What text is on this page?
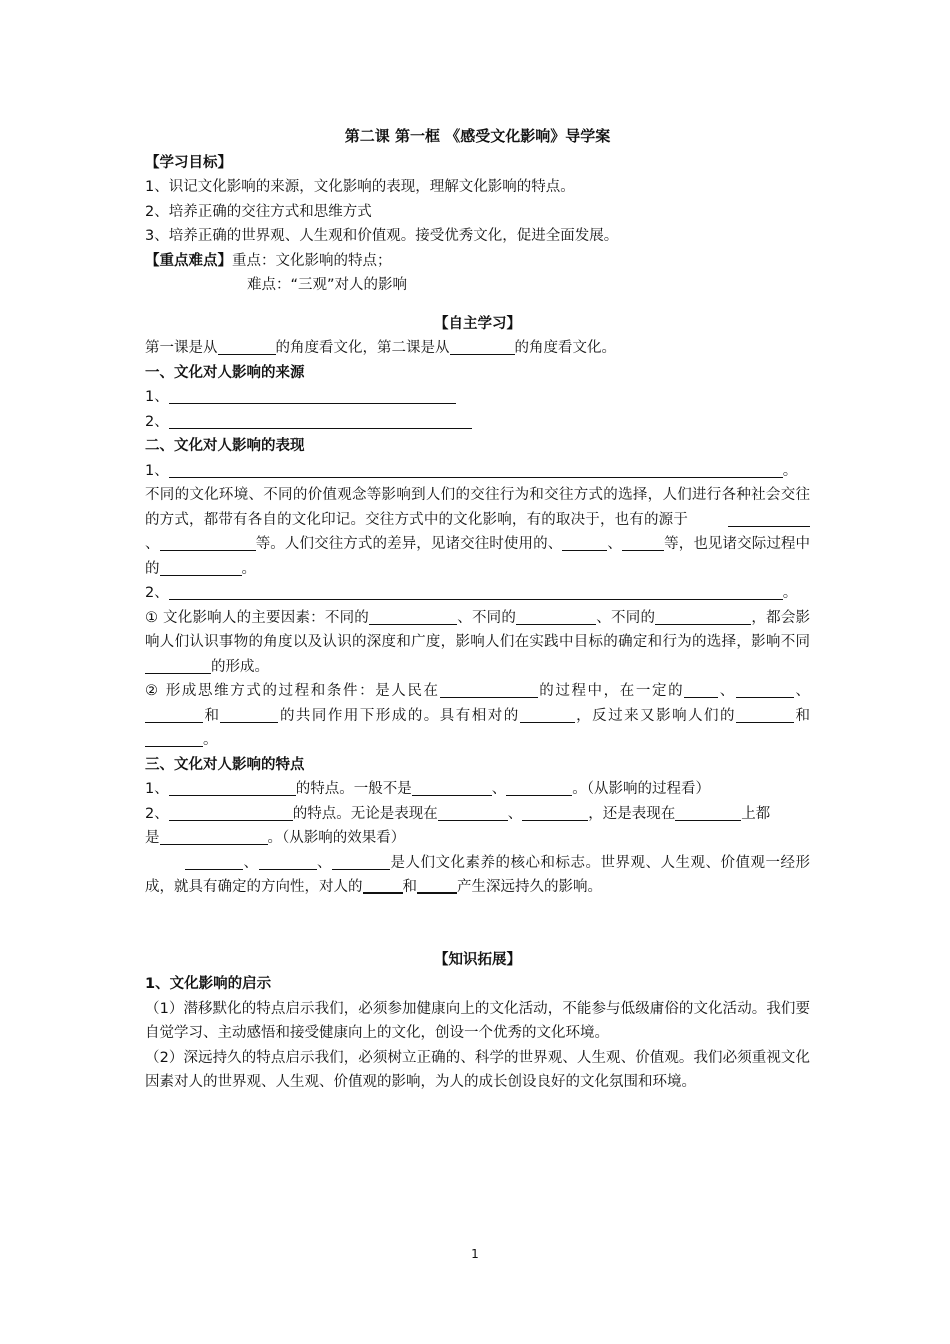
第二课 第一框 《感受文化影响》导学案
【学习目标】
1、识记文化影响的来源，文化影响的表现，理解文化影响的特点。
2、培养正确的交往方式和思维方式
3、培养正确的世界观、人生观和价值观。接受优秀文化，促进全面发展。
【重点难点】重点：文化影响的特点；
难点：“三观”对人的影响
【自主学习】
第一课是从	的角度看文化，第二课是从	的角度看文化。
一、文化对人影响的来源
1、
2、
二、文化对人影响的表现
1、	。
不同的文化环境、不同的价值观念等影响到人们的交往行为和交往方式的选择，人们进行各种社会交往的方式，都带有各自的文化印记。交往方式中的文化影响，有的取决于，也有的源于、	等。人们交往方式的差异，见诸交往时使用的、	、	等，也见诸交际过程中的	。
2、	。
① 文化影响人的主要因素：不同的	、不同的	、不同的	，都会影响人们认识事物的角度以及认识的深度和广度，影响人们在实践中目标的确定和行为的选择，影响不同的形成。
② 形成思维方式的过程和条件：是人民在	的过程中，在一定的 、	、和	的共同作用下形成的。具有相对的	，反过来又影响人们的	和。
三、文化对人影响的特点
1、	的特点。一般不是	、	。（从影响的过程看）
2、	的特点。无论是表现在	、	，还是表现在	上都
是	。（从影响的效果看）
、	、	是人们文化素养的核心和标志。世界观、人生观、价值观一经形成，就具有确定的方向性，对人的	和	产生深远持久的影响。
【知识拓展】
1、文化影响的启示
（1）潜移默化的特点启示我们，必须参加健康向上的文化活动，不能参与低级庸俗的文化活动。我们要自觉学习、主动感悟和接受健康向上的文化，创设一个优秀的文化环境。
（2）深远持久的特点启示我们，必须树立正确的、科学的世界观、人生观、价值观。我们必须重视文化因素对人的世界观、人生观、价值观的影响，为人的成长创设良好的文化氛围和环境。
1
